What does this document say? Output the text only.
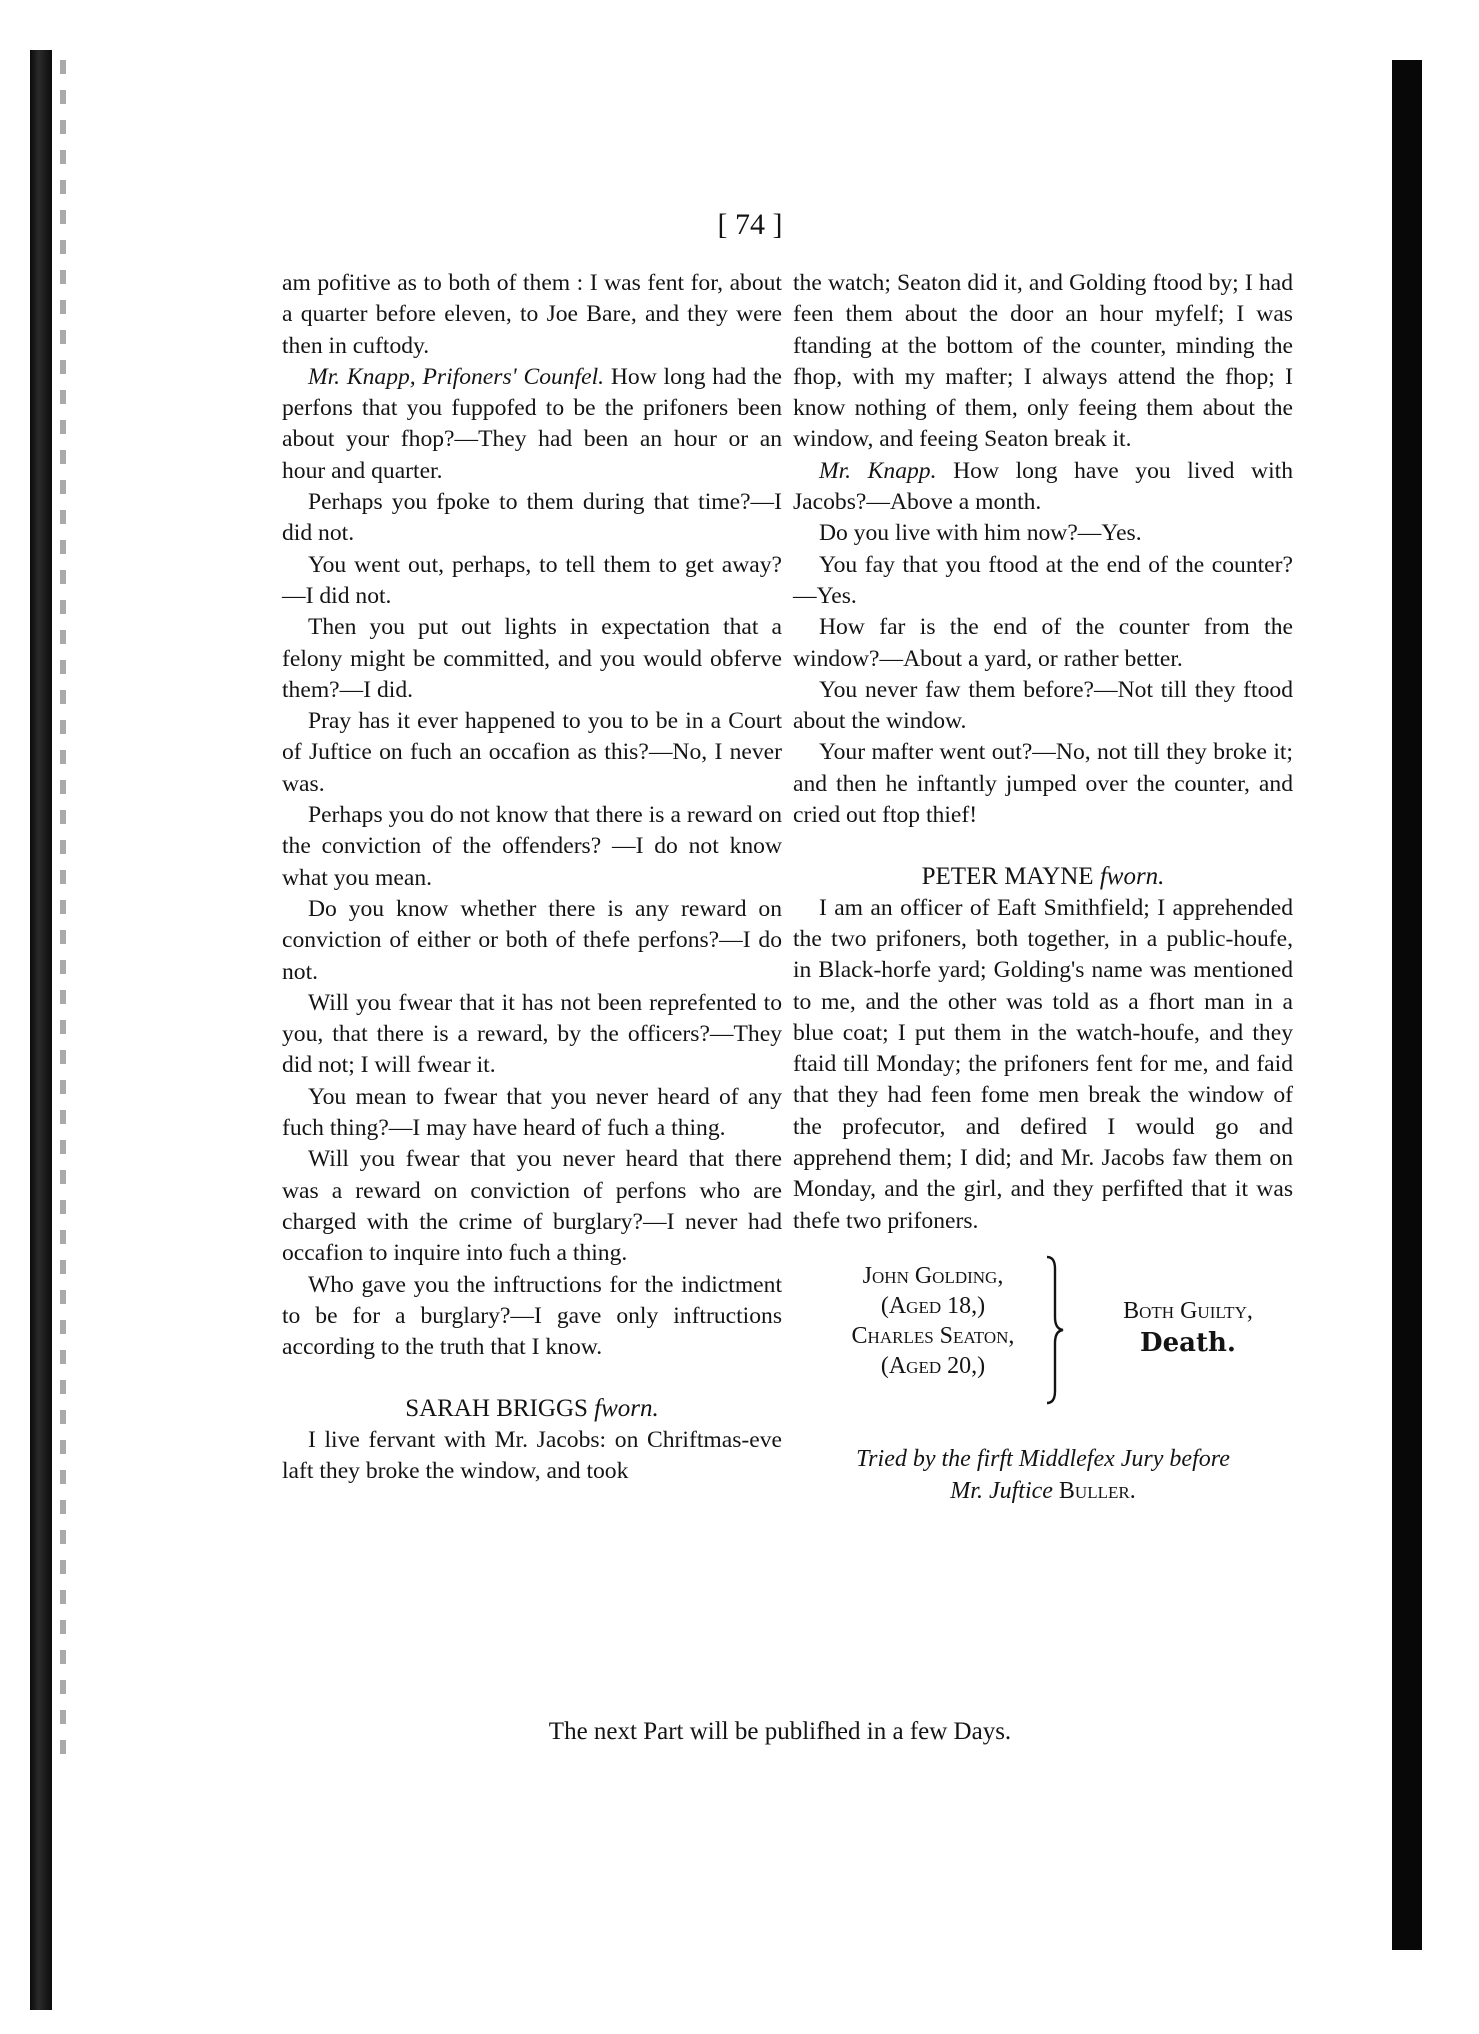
[ 74 ]

am pofitive as to both of them : I was fent for, about a quarter before eleven, to Joe Bare, and they were then in cuftody.

Mr. Knapp, Prifoners' Counfel. How long had the perfons that you fuppofed to be the prifoners been about your fhop?—They had been an hour or an hour and quarter.

Perhaps you fpoke to them during that time?—I did not.

You went out, perhaps, to tell them to get away?—I did not.

Then you put out lights in expectation that a felony might be committed, and you would obferve them?—I did.

Pray has it ever happened to you to be in a Court of Juftice on fuch an occafion as this?—No, I never was.

Perhaps you do not know that there is a reward on the conviction of the offenders? —I do not know what you mean.

Do you know whether there is any reward on conviction of either or both of thefe perfons?—I do not.

Will you fwear that it has not been reprefented to you, that there is a reward, by the officers?—They did not; I will fwear it.

You mean to fwear that you never heard of any fuch thing?—I may have heard of fuch a thing.

Will you fwear that you never heard that there was a reward on conviction of perfons who are charged with the crime of burglary?—I never had occafion to inquire into fuch a thing.

Who gave you the inftructions for the indictment to be for a burglary?—I gave only inftructions according to the truth that I know.

SARAH BRIGGS fworn.

I live fervant with Mr. Jacobs: on Chriftmas-eve laft they broke the window, and took

the watch; Seaton did it, and Golding ftood by; I had feen them about the door an hour myfelf; I was ftanding at the bottom of the counter, minding the fhop, with my mafter; I always attend the fhop; I know nothing of them, only feeing them about the window, and feeing Seaton break it.

Mr. Knapp. How long have you lived with Jacobs?—Above a month.

Do you live with him now?—Yes.

You fay that you ftood at the end of the counter?—Yes.

How far is the end of the counter from the window?—About a yard, or rather better.

You never faw them before?—Not till they ftood about the window.

Your mafter went out?—No, not till they broke it; and then he inftantly jumped over the counter, and cried out ftop thief!

PETER MAYNE fworn.

I am an officer of Eaft Smithfield; I apprehended the two prifoners, both together, in a public-houfe, in Black-horfe yard; Golding's name was mentioned to me, and the other was told as a fhort man in a blue coat; I put them in the watch-houfe, and they ftaid till Monday; the prifoners fent for me, and faid that they had feen fome men break the window of the profecutor, and defired I would go and apprehend them; I did; and Mr. Jacobs faw them on Monday, and the girl, and they perfifted that it was thefe two prifoners.

John Golding,
(Aged 18,)
Charles Seaton,
(Aged 20,)
Both Guilty,
Death.

Tried by the firft Middlefex Jury before
Mr. Juftice Buller.

The next Part will be publifhed in a few Days.
